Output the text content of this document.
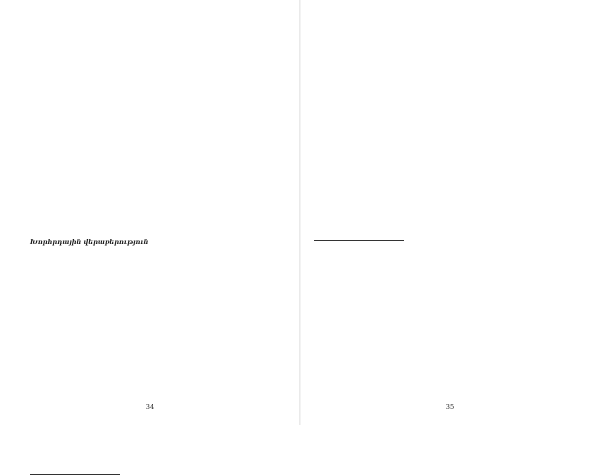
Խորհրդային վերաբերություն

34	35
